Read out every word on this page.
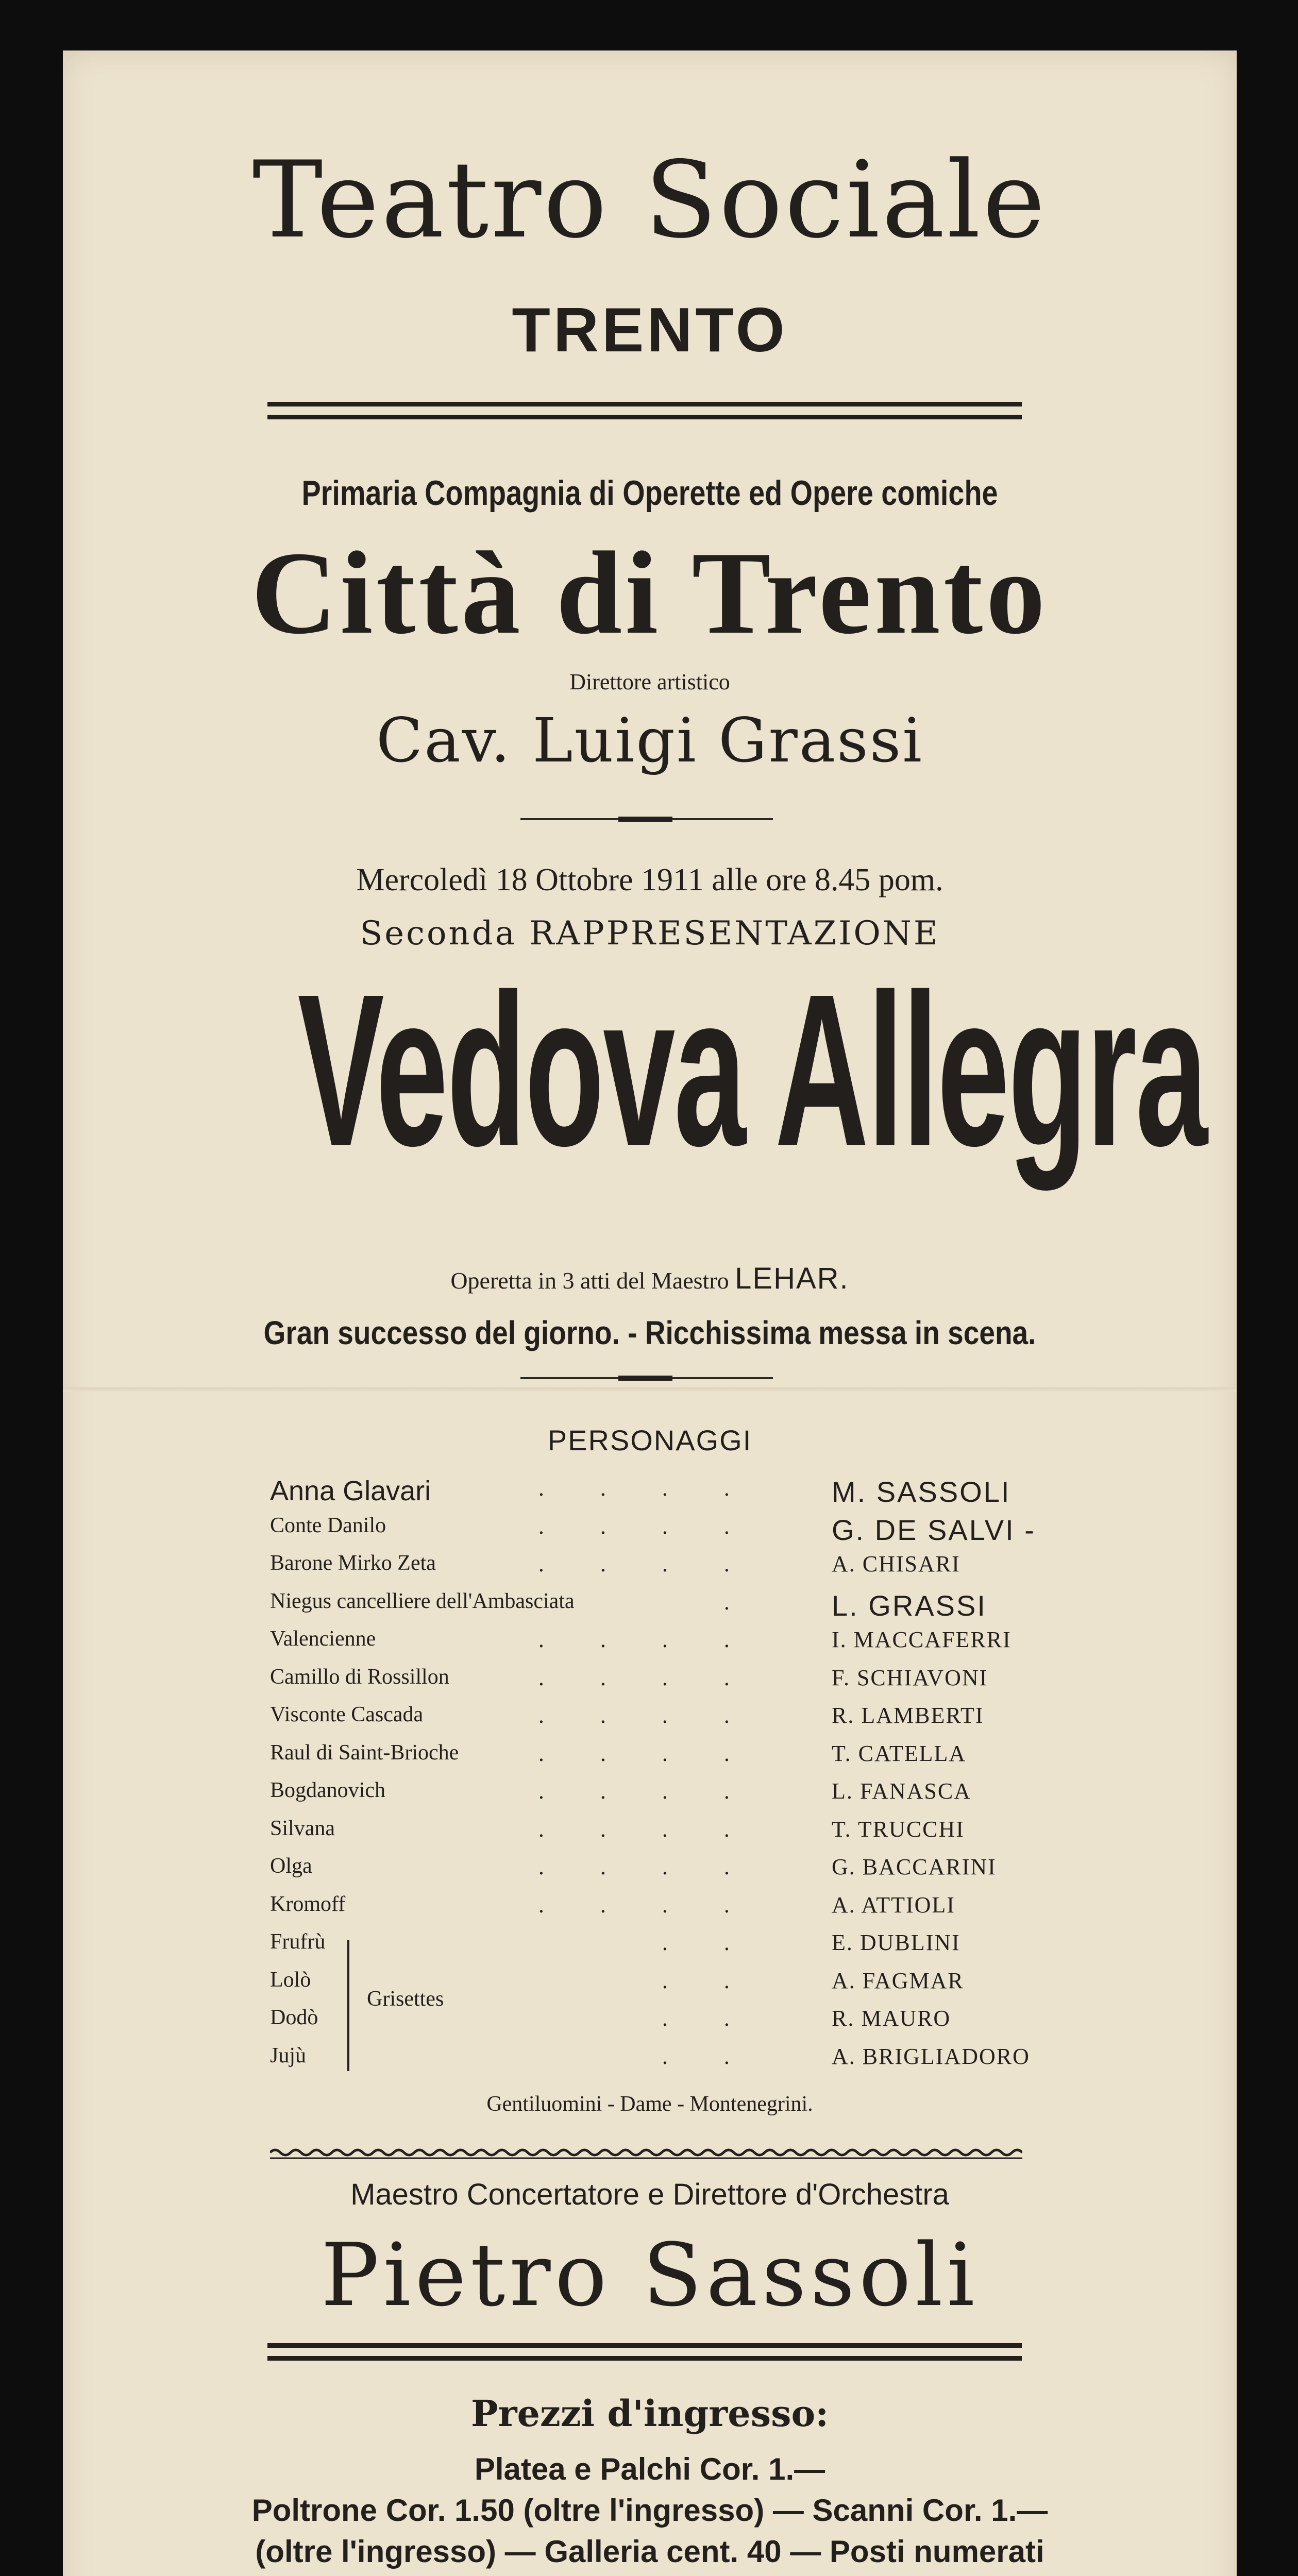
Teatro Sociale
TRENTO
Primaria Compagnia di Operette ed Opere comiche
Città di Trento
Direttore artistico
Cav. Luigi Grassi
Mercoledì 18 Ottobre 1911 alle ore 8.45 pom.
Seconda RAPPRESENTAZIONE
Vedova Allegra
Operetta in 3 atti del Maestro LEHAR.
Gran successo del giorno. - Ricchissima messa in scena.
PERSONAGGI
Anna Glavari	.	.	.	.	M. SASSOLI
Conte Danilo	.	.	.	.	G. DE SALVI -
Barone Mirko Zeta	.	.	.	.	A. CHISARI
Niegus cancelliere dell'Ambasciata	.	L. GRASSI
Valencienne	.	.	.	.	I. MACCAFERRI
Camillo di Rossillon	.	.	.	.	F. SCHIAVONI
Visconte Cascada	.	.	.	.	R. LAMBERTI
Raul di Saint-Brioche	.	.	.	.	T. CATELLA
Bogdanovich	.	.	.	.	L. FANASCA
Silvana	.	.	.	.	T. TRUCCHI
Olga	.	.	.	.	G. BACCARINI
Kromoff	.	.	.	.	A. ATTIOLI
Frufrù	.	.	E. DUBLINI
Lolò	.	.	A. FAGMAR
Dodò	.	.	R. MAURO
Jujù	.	.	A. BRIGLIADORO
Grisettes
Gentiluomini - Dame - Montenegrini.
Maestro Concertatore e Direttore d'Orchestra
Pietro Sassoli
Prezzi d'ingresso:
Platea e Palchi Cor. 1.—
Poltrone Cor. 1.50 (oltre l'ingresso) — Scanni Cor. 1.—
(oltre l'ingresso) — Galleria cent. 40 — Posti numerati
